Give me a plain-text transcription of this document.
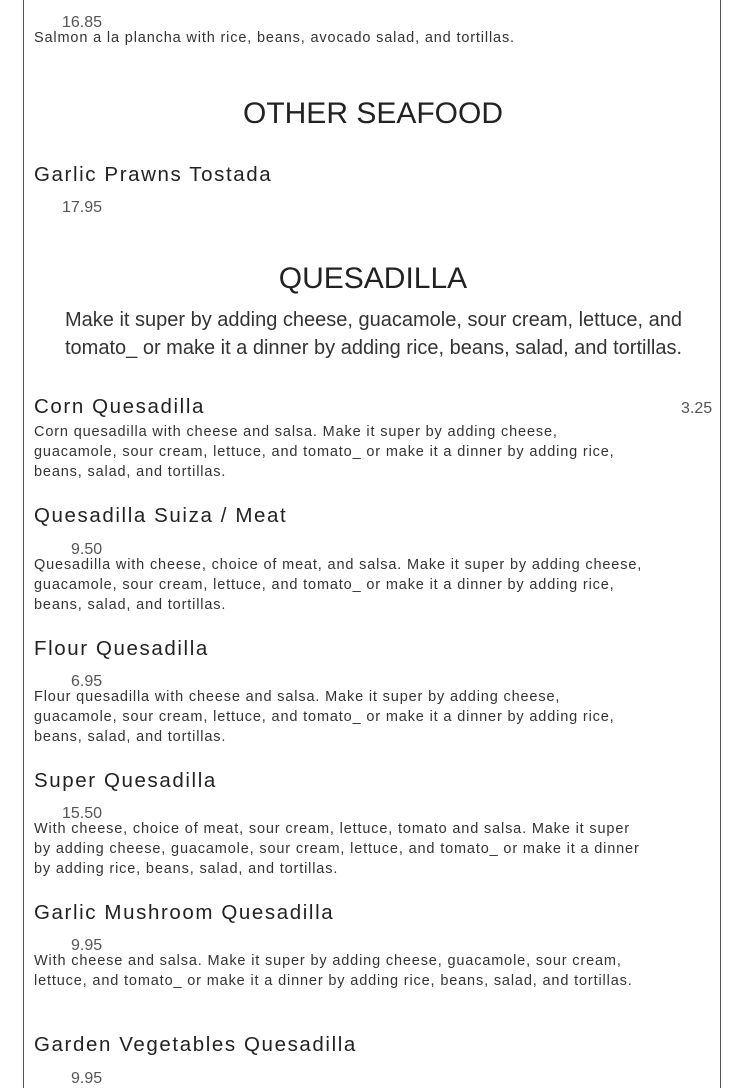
16.85
Salmon a la plancha with rice, beans, avocado salad, and tortillas.
OTHER SEAFOOD
Garlic Prawns Tostada
17.95
QUESADILLA
Make it super by adding cheese, guacamole, sour cream, lettuce, and tomato_ or make it a dinner by adding rice, beans, salad, and tortillas.
Corn Quesadilla	3.25
Corn quesadilla with cheese and salsa. Make it super by adding cheese, guacamole, sour cream, lettuce, and tomato_ or make it a dinner by adding rice, beans, salad, and tortillas.
Quesadilla Suiza / Meat
9.50
Quesadilla with cheese, choice of meat, and salsa. Make it super by adding cheese, guacamole, sour cream, lettuce, and tomato_ or make it a dinner by adding rice, beans, salad, and tortillas.
Flour Quesadilla
6.95
Flour quesadilla with cheese and salsa. Make it super by adding cheese, guacamole, sour cream, lettuce, and tomato_ or make it a dinner by adding rice, beans, salad, and tortillas.
Super Quesadilla
15.50
With cheese, choice of meat, sour cream, lettuce, tomato and salsa. Make it super by adding cheese, guacamole, sour cream, lettuce, and tomato_ or make it a dinner by adding rice, beans, salad, and tortillas.
Garlic Mushroom Quesadilla
9.95
With cheese and salsa. Make it super by adding cheese, guacamole, sour cream, lettuce, and tomato_ or make it a dinner by adding rice, beans, salad, and tortillas.
Garden Vegetables Quesadilla
9.95
